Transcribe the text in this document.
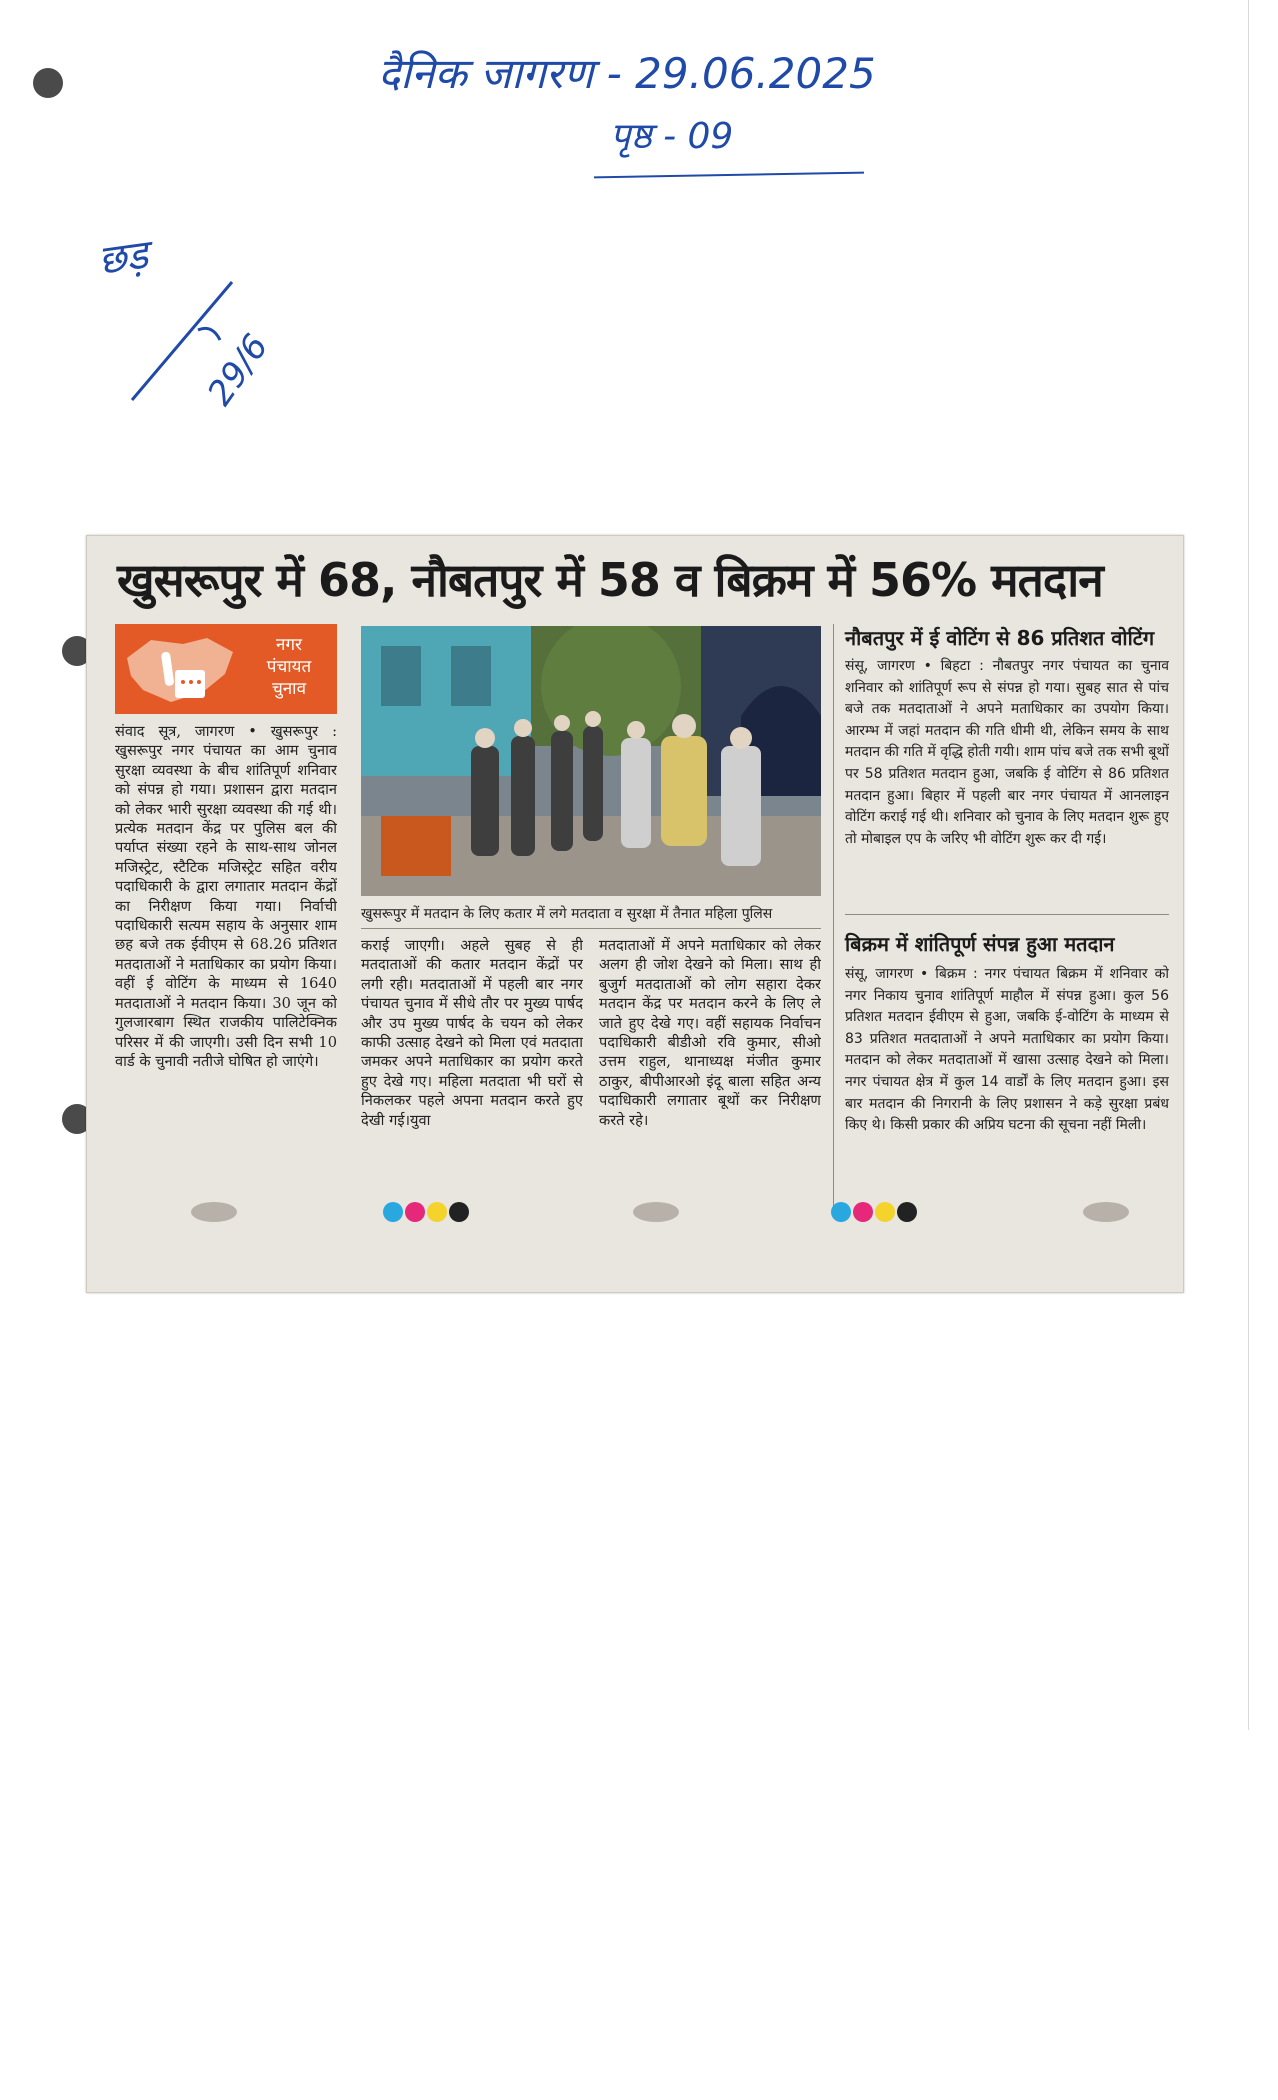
दैनिक जागरण - 29.06.2025
पृष्ठ - 09
छड़
29/6
खुसरूपुर में 68, नौबतपुर में 58 व बिक्रम में 56% मतदान
नगर
पंचायत
चुनाव
संवाद सूत्र, जागरण • खुसरूपुर : खुसरूपुर नगर पंचायत का आम चुनाव सुरक्षा व्यवस्था के बीच शांतिपूर्ण शनिवार को संपन्न हो गया। प्रशासन द्वारा मतदान को लेकर भारी सुरक्षा व्यवस्था की गई थी। प्रत्येक मतदान केंद्र पर पुलिस बल की पर्याप्त संख्या रहने के साथ-साथ जोनल मजिस्ट्रेट, स्टैटिक मजिस्ट्रेट सहित वरीय पदाधिकारी के द्वारा लगातार मतदान केंद्रों का निरीक्षण किया गया। निर्वाची पदाधिकारी सत्यम सहाय के अनुसार शाम छह बजे तक ईवीएम से 68.26 प्रतिशत मतदाताओं ने मताधिकार का प्रयोग किया। वहीं ई वोटिंग के माध्यम से 1640 मतदाताओं ने मतदान किया। 30 जून को गुलजारबाग स्थित राजकीय पालिटेक्निक परिसर में की जाएगी। उसी दिन सभी 10 वार्ड के चुनावी नतीजे घोषित हो जाएंगे।
खुसरूपुर में मतदान के लिए कतार में लगे मतदाता व सुरक्षा में तैनात महिला पुलिस
कराई जाएगी। अहले सुबह से ही मतदाताओं की कतार मतदान केंद्रों पर लगी रही। मतदाताओं में पहली बार नगर पंचायत चुनाव में सीधे तौर पर मुख्य पार्षद और उप मुख्य पार्षद के चयन को लेकर काफी उत्साह देखने को मिला एवं मतदाता जमकर अपने मताधिकार का प्रयोग करते हुए देखे गए। महिला मतदाता भी घरों से निकलकर पहले अपना मतदान करते हुए देखी गई।युवा
मतदाताओं में अपने मताधिकार को लेकर अलग ही जोश देखने को मिला। साथ ही बुजुर्ग मतदाताओं को लोग सहारा देकर मतदान केंद्र पर मतदान करने के लिए ले जाते हुए देखे गए। वहीं सहायक निर्वाचन पदाधिकारी बीडीओ रवि कुमार, सीओ उत्तम राहुल, थानाध्यक्ष मंजीत कुमार ठाकुर, बीपीआरओ इंदू बाला सहित अन्य पदाधिकारी लगातार बूथों कर निरीक्षण करते रहे।
नौबतपुर में ई वोटिंग से 86 प्रतिशत वोटिंग
संसू, जागरण • बिहटा : नौबतपुर नगर पंचायत का चुनाव शनिवार को शांतिपूर्ण रूप से संपन्न हो गया। सुबह सात से पांच बजे तक मतदाताओं ने अपने मताधिकार का उपयोग किया। आरम्भ में जहां मतदान की गति धीमी थी, लेकिन समय के साथ मतदान की गति में वृद्धि होती गयी। शाम पांच बजे तक सभी बूथों पर 58 प्रतिशत मतदान हुआ, जबकि ई वोटिंग से 86 प्रतिशत मतदान हुआ। बिहार में पहली बार नगर पंचायत में आनलाइन वोटिंग कराई गई थी। शनिवार को चुनाव के लिए मतदान शुरू हुए तो मोबाइल एप के जरिए भी वोटिंग शुरू कर दी गई।
बिक्रम में शांतिपूर्ण संपन्न हुआ मतदान
संसू, जागरण • बिक्रम : नगर पंचायत बिक्रम में शनिवार को नगर निकाय चुनाव शांतिपूर्ण माहौल में संपन्न हुआ। कुल 56 प्रतिशत मतदान ईवीएम से हुआ, जबकि ई-वोटिंग के माध्यम से 83 प्रतिशत मतदाताओं ने अपने मताधिकार का प्रयोग किया। मतदान को लेकर मतदाताओं में खासा उत्साह देखने को मिला। नगर पंचायत क्षेत्र में कुल 14 वार्डों के लिए मतदान हुआ। इस बार मतदान की निगरानी के लिए प्रशासन ने कड़े सुरक्षा प्रबंध किए थे। किसी प्रकार की अप्रिय घटना की सूचना नहीं मिली।
